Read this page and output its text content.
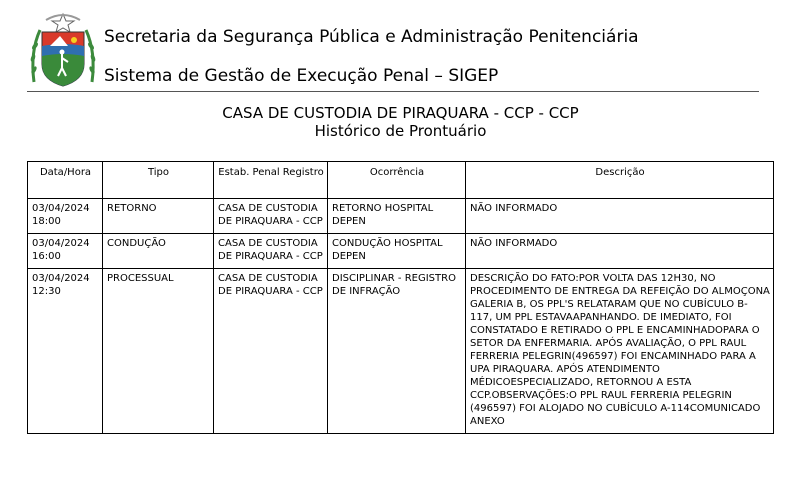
Secretaria da Segurança Pública e Administração Penitenciária
Sistema de Gestão de Execução Penal – SIGEP
CASA DE CUSTODIA DE PIRAQUARA - CCP - CCP
Histórico de Prontuário
Data/Hora	Tipo	Estab. Penal Registro	Ocorrência	Descrição
03/04/2024 18:00	RETORNO	CASA DE CUSTODIA DE PIRAQUARA - CCP	RETORNO HOSPITAL DEPEN	NÃO INFORMADO
03/04/2024 16:00	CONDUÇÃO	CASA DE CUSTODIA DE PIRAQUARA - CCP	CONDUÇÃO HOSPITAL DEPEN	NÃO INFORMADO
03/04/2024 12:30	PROCESSUAL	CASA DE CUSTODIA DE PIRAQUARA - CCP	DISCIPLINAR - REGISTRO DE INFRAÇÃO	DESCRIÇÃO DO FATO:POR VOLTA DAS 12H30, NO PROCEDIMENTO DE ENTREGA DA REFEIÇÃO DO ALMOÇONA GALERIA B, OS PPL'S RELATARAM QUE NO CUBÍCULO B-117, UM PPL ESTAVAAPANHANDO. DE IMEDIATO, FOI CONSTATADO E RETIRADO O PPL E ENCAMINHADOPARA O SETOR DA ENFERMARIA. APÓS AVALIAÇÃO, O PPL RAUL FERRERIA PELEGRIN(496597) FOI ENCAMINHADO PARA A UPA PIRAQUARA. APÓS ATENDIMENTO MÉDICOESPECIALIZADO, RETORNOU A ESTA CCP.OBSERVAÇÕES:O PPL RAUL FERRERIA PELEGRIN (496597) FOI ALOJADO NO CUBÍCULO A-114COMUNICADO ANEXO
